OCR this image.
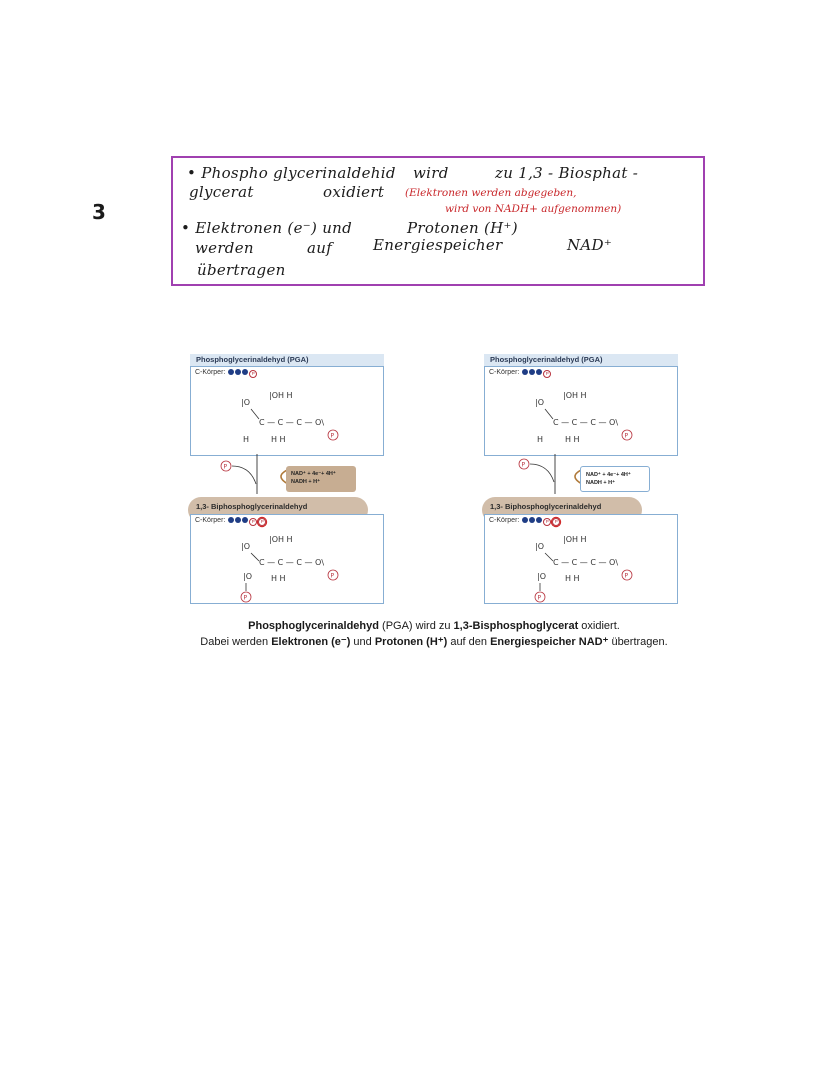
3
• Phospho glycerinaldehid wird	zu 1,3 - Biosphat -
glycerat	oxidiert (Elektronen werden abgegeben,
wird von NADH+ aufgenommen)
• Elektronen (e⁻) und	Protonen (H⁺)
werden	auf	Energiespeicher	NAD⁺
übertragen
Phosphoglycerinaldehyd (PGA)
C-Körper:	P
|O
|OH H
C — C — C — O\
H	H H	P
P
NAD⁺ + 4e⁻+ 4H⁺
NADH + H⁺
1,3- Biphosphoglycerinaldehyd
C-Körper:	P P
|O
|OH H
C — C — C — O\
|O H H
P
P
Phosphoglycerinaldehyd (PGA)
C-Körper:	P
|O
|OH H
C — C — C — O\
H	H H	P
P
NAD⁺ + 4e⁻+ 4H⁺
NADH + H⁺
1,3- Biphosphoglycerinaldehyd
C-Körper:	P P
|O
|OH H
C — C — C — O\
|O H H
P
P
Phosphoglycerinaldehyd (PGA) wird zu 1,3-Bisphosphoglycerat oxidiert.
Dabei werden Elektronen (e⁻) und Protonen (H⁺) auf den Energiespeicher NAD⁺ übertragen.
